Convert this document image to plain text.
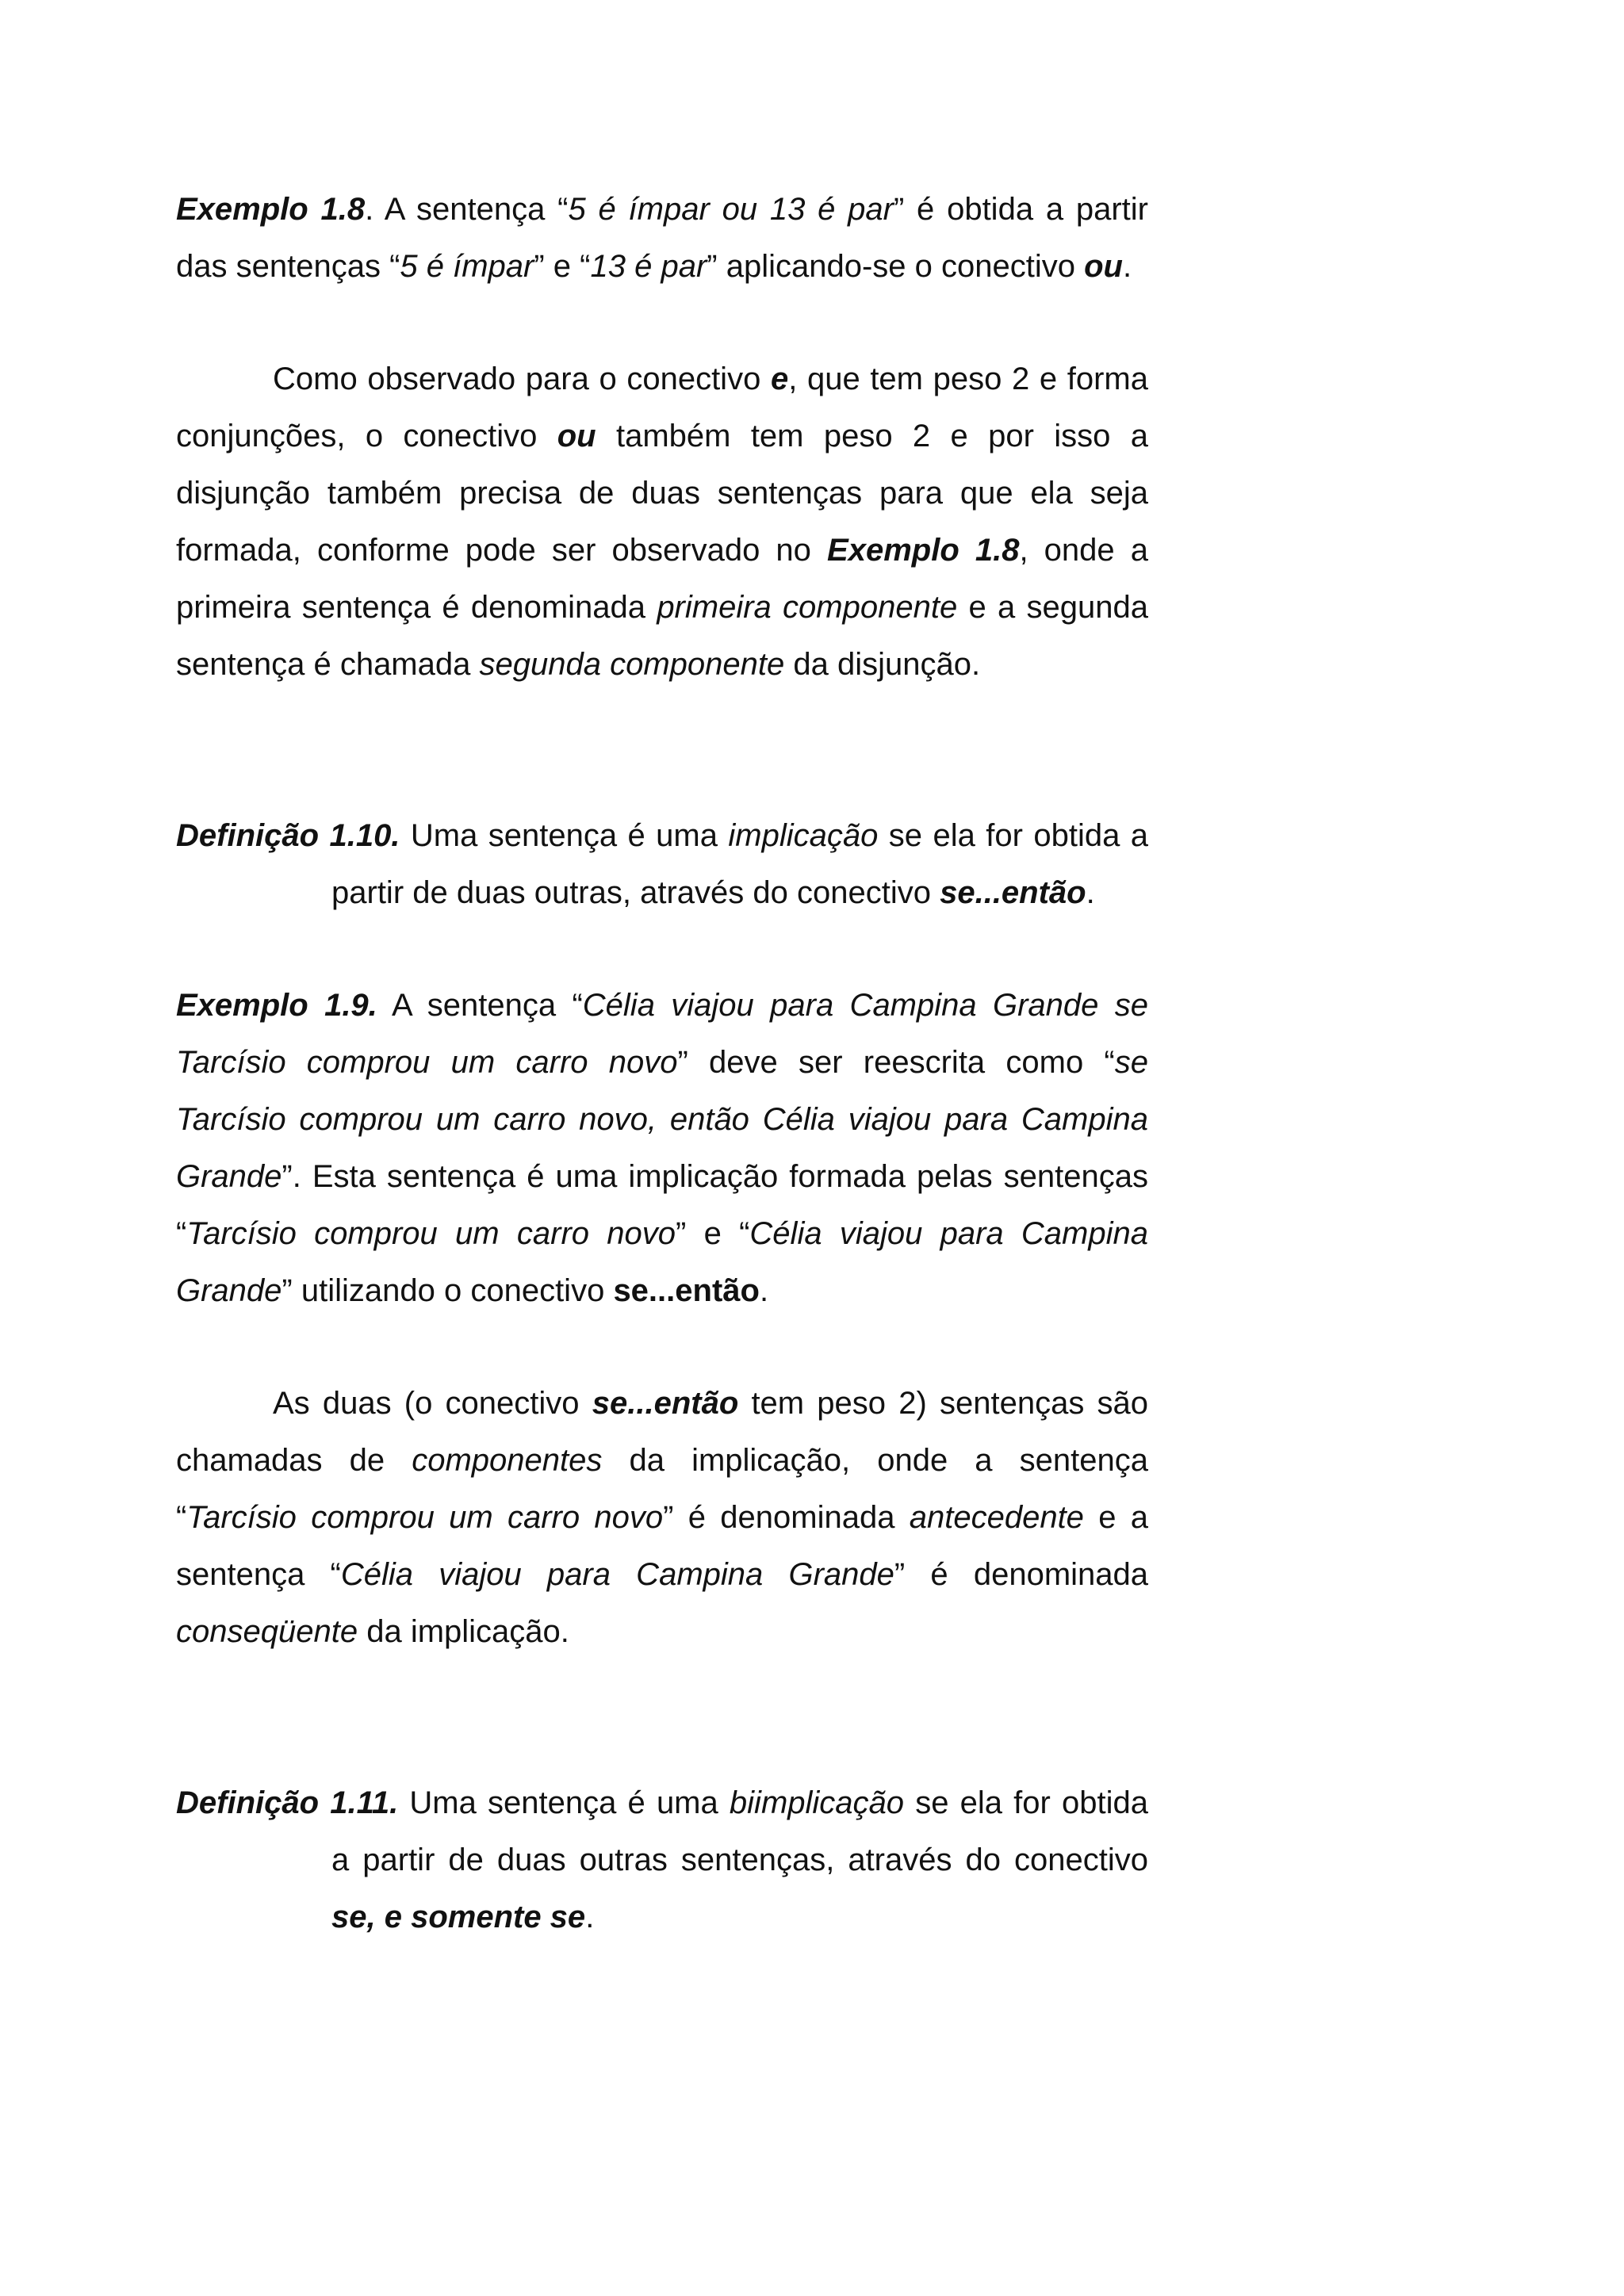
Exemplo 1.8. A sentença “5 é ímpar ou 13 é par” é obtida a partir das sentenças “5 é ímpar” e “13 é par” aplicando-se o conectivo ou.

Como observado para o conectivo e, que tem peso 2 e forma conjunções, o conectivo ou também tem peso 2 e por isso a disjunção também precisa de duas sentenças para que ela seja formada, conforme pode ser observado no Exemplo 1.8, onde a primeira sentença é denominada primeira componente e a segunda sentença é chamada segunda componente da disjunção.

Definição 1.10. Uma sentença é uma implicação se ela for obtida a partir de duas outras, através do conectivo se...então.

Exemplo 1.9. A sentença “Célia viajou para Campina Grande se Tarcísio comprou um carro novo” deve ser reescrita como “se Tarcísio comprou um carro novo, então Célia viajou para Campina Grande”. Esta sentença é uma implicação formada pelas sentenças “Tarcísio comprou um carro novo” e “Célia viajou para Campina Grande” utilizando o conectivo se...então.

As duas (o conectivo se...então tem peso 2) sentenças são chamadas de componentes da implicação, onde a sentença “Tarcísio comprou um carro novo” é denominada antecedente e a sentença “Célia viajou para Campina Grande” é denominada conseqüente da implicação.

Definição 1.11. Uma sentença é uma biimplicação se ela for obtida a partir de duas outras sentenças, através do conectivo se, e somente se.
